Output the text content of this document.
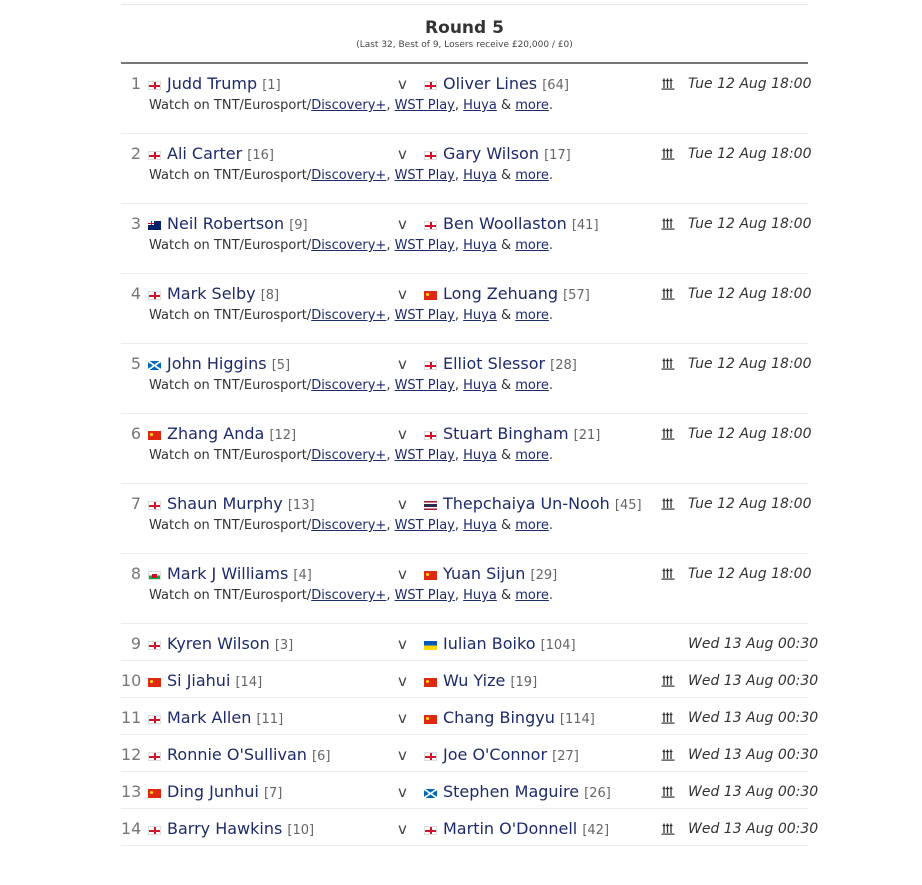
Round 5
(Last 32, Best of 9, Losers receive £20,000 / £0)
1	Judd Trump [1]	v	Oliver Lines [64]	Tue 12 Aug 18:00
Watch on TNT/Eurosport/Discovery+, WST Play, Huya & more.
2	Ali Carter [16]	v	Gary Wilson [17]	Tue 12 Aug 18:00
Watch on TNT/Eurosport/Discovery+, WST Play, Huya & more.
3	Neil Robertson [9]	v	Ben Woollaston [41]	Tue 12 Aug 18:00
Watch on TNT/Eurosport/Discovery+, WST Play, Huya & more.
4	Mark Selby [8]	v	Long Zehuang [57]	Tue 12 Aug 18:00
Watch on TNT/Eurosport/Discovery+, WST Play, Huya & more.
5	John Higgins [5]	v	Elliot Slessor [28]	Tue 12 Aug 18:00
Watch on TNT/Eurosport/Discovery+, WST Play, Huya & more.
6	Zhang Anda [12]	v	Stuart Bingham [21]	Tue 12 Aug 18:00
Watch on TNT/Eurosport/Discovery+, WST Play, Huya & more.
7	Shaun Murphy [13]	v	Thepchaiya Un-Nooh [45]	Tue 12 Aug 18:00
Watch on TNT/Eurosport/Discovery+, WST Play, Huya & more.
8	Mark J Williams [4]	v	Yuan Sijun [29]	Tue 12 Aug 18:00
Watch on TNT/Eurosport/Discovery+, WST Play, Huya & more.
9	Kyren Wilson [3]	v	Iulian Boiko [104]	Wed 13 Aug 00:30
10	Si Jiahui [14]	v	Wu Yize [19]	Wed 13 Aug 00:30
11	Mark Allen [11]	v	Chang Bingyu [114]	Wed 13 Aug 00:30
12	Ronnie O'Sullivan [6]	v	Joe O'Connor [27]	Wed 13 Aug 00:30
13	Ding Junhui [7]	v	Stephen Maguire [26]	Wed 13 Aug 00:30
14	Barry Hawkins [10]	v	Martin O'Donnell [42]	Wed 13 Aug 00:30
